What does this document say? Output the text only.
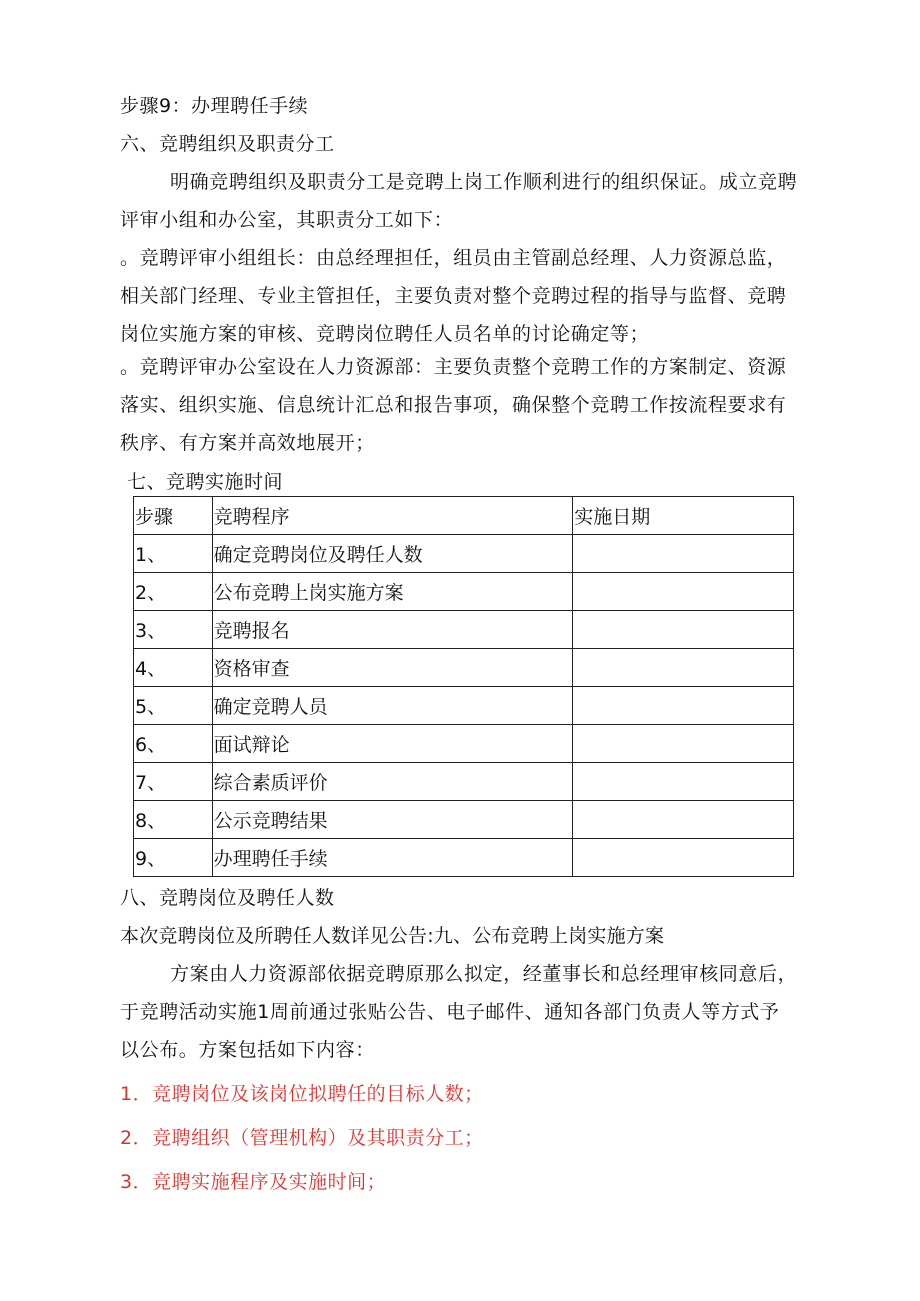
步骤9：办理聘任手续
六、竞聘组织及职责分工
明确竞聘组织及职责分工是竞聘上岗工作顺利进行的组织保证。成立竞聘
评审小组和办公室，其职责分工如下：
。竞聘评审小组组长：由总经理担任，组员由主管副总经理、人力资源总监，
相关部门经理、专业主管担任，主要负责对整个竞聘过程的指导与监督、竞聘
岗位实施方案的审核、竞聘岗位聘任人员名单的讨论确定等；
。竞聘评审办公室设在人力资源部：主要负责整个竞聘工作的方案制定、资源
落实、组织实施、信息统计汇总和报告事项，确保整个竞聘工作按流程要求有
秩序、有方案并高效地展开；
七、竞聘实施时间
步骤	竞聘程序	实施日期
1、	确定竞聘岗位及聘任人数	
2、	公布竞聘上岗实施方案	
3、	竞聘报名	
4、	资格审查	
5、	确定竞聘人员	
6、	面试辩论	
7、	综合素质评价	
8、	公示竞聘结果	
9、	办理聘任手续	
八、竞聘岗位及聘任人数
本次竞聘岗位及所聘任人数详见公告:九、公布竞聘上岗实施方案
方案由人力资源部依据竞聘原那么拟定，经董事长和总经理审核同意后，
于竞聘活动实施1周前通过张贴公告、电子邮件、通知各部门负责人等方式予
以公布。方案包括如下内容：
1．竞聘岗位及该岗位拟聘任的目标人数；
2．竞聘组织（管理机构）及其职责分工；
3．竞聘实施程序及实施时间；
